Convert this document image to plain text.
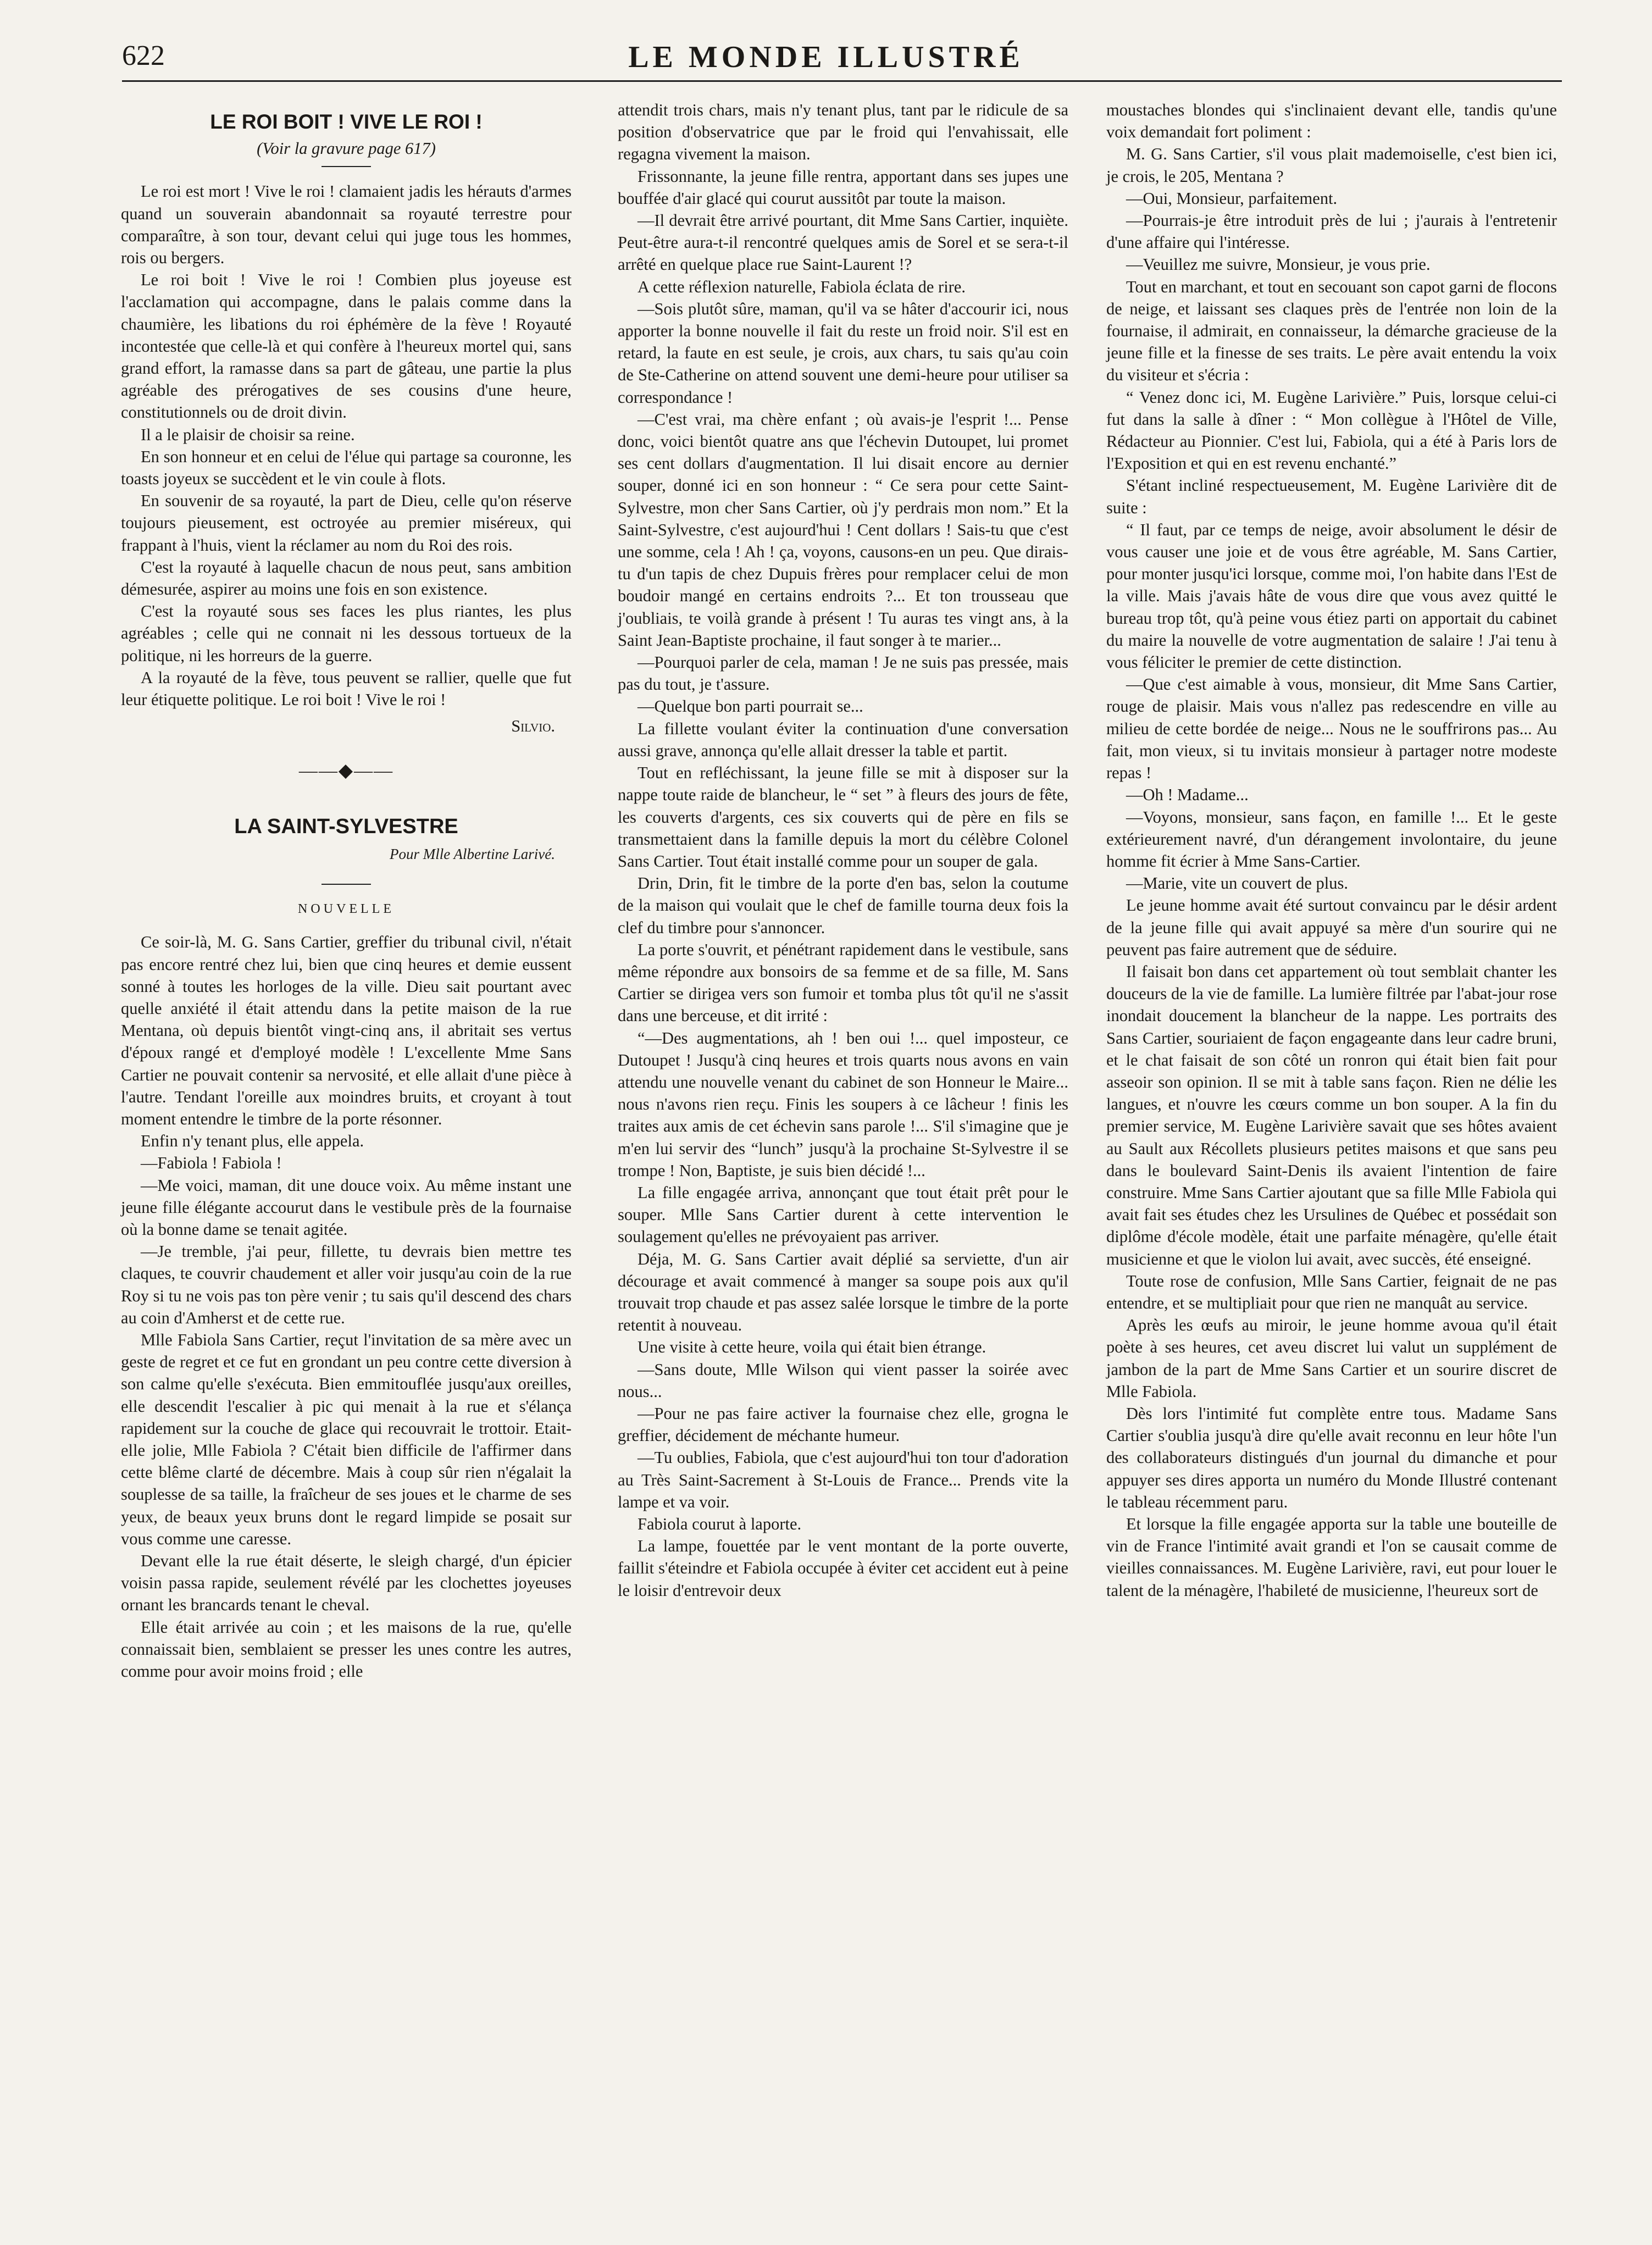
622	LE MONDE ILLUSTRÉ
LE ROI BOIT ! VIVE LE ROI !
(Voir la gravure page 617)

Le roi est mort ! Vive le roi ! clamaient jadis les hérauts d'armes quand un souverain abandonnait sa royauté terrestre pour comparaître, à son tour, devant celui qui juge tous les hommes, rois ou bergers.

Le roi boit ! Vive le roi ! Combien plus joyeuse est l'acclamation qui accompagne, dans le palais comme dans la chaumière, les libations du roi éphémère de la fève ! Royauté incontestée que celle-là et qui confère à l'heureux mortel qui, sans grand effort, la ramasse dans sa part de gâteau, une partie la plus agréable des prérogatives de ses cousins d'une heure, constitutionnels ou de droit divin.

Il a le plaisir de choisir sa reine.

En son honneur et en celui de l'élue qui partage sa couronne, les toasts joyeux se succèdent et le vin coule à flots.

En souvenir de sa royauté, la part de Dieu, celle qu'on réserve toujours pieusement, est octroyée au premier miséreux, qui frappant à l'huis, vient la réclamer au nom du Roi des rois.

C'est la royauté à laquelle chacun de nous peut, sans ambition démesurée, aspirer au moins une fois en son existence.

C'est la royauté sous ses faces les plus riantes, les plus agréables ; celle qui ne connait ni les dessous tortueux de la politique, ni les horreurs de la guerre.

A la royauté de la fève, tous peuvent se rallier, quelle que fut leur étiquette politique. Le roi boit ! Vive le roi !

Silvio.

——◆——
LA SAINT-SYLVESTRE
Pour Mlle Albertine Larivé.
NOUVELLE

Ce soir-là, M. G. Sans Cartier, greffier du tribunal civil, n'était pas encore rentré chez lui, bien que cinq heures et demie eussent sonné à toutes les horloges de la ville. Dieu sait pourtant avec quelle anxiété il était attendu dans la petite maison de la rue Mentana, où depuis bientôt vingt-cinq ans, il abritait ses vertus d'époux rangé et d'employé modèle ! L'excellente Mme Sans Cartier ne pouvait contenir sa nervosité, et elle allait d'une pièce à l'autre. Tendant l'oreille aux moindres bruits, et croyant à tout moment entendre le timbre de la porte résonner.

Enfin n'y tenant plus, elle appela.

—Fabiola ! Fabiola !

—Me voici, maman, dit une douce voix. Au même instant une jeune fille élégante accourut dans le vestibule près de la fournaise où la bonne dame se tenait agitée.

—Je tremble, j'ai peur, fillette, tu devrais bien mettre tes claques, te couvrir chaudement et aller voir jusqu'au coin de la rue Roy si tu ne vois pas ton père venir ; tu sais qu'il descend des chars au coin d'Amherst et de cette rue.

Mlle Fabiola Sans Cartier, reçut l'invitation de sa mère avec un geste de regret et ce fut en grondant un peu contre cette diversion à son calme qu'elle s'exécuta. Bien emmitouflée jusqu'aux oreilles, elle descendit l'escalier à pic qui menait à la rue et s'élança rapidement sur la couche de glace qui recouvrait le trottoir. Etait-elle jolie, Mlle Fabiola ? C'était bien difficile de l'affirmer dans cette blême clarté de décembre. Mais à coup sûr rien n'égalait la souplesse de sa taille, la fraîcheur de ses joues et le charme de ses yeux, de beaux yeux bruns dont le regard limpide se posait sur vous comme une caresse.

Devant elle la rue était déserte, le sleigh chargé, d'un épicier voisin passa rapide, seulement révélé par les clochettes joyeuses ornant les brancards tenant le cheval.

Elle était arrivée au coin ; et les maisons de la rue, qu'elle connaissait bien, semblaient se presser les unes contre les autres, comme pour avoir moins froid ; elle

attendit trois chars, mais n'y tenant plus, tant par le ridicule de sa position d'observatrice que par le froid qui l'envahissait, elle regagna vivement la maison.

Frissonnante, la jeune fille rentra, apportant dans ses jupes une bouffée d'air glacé qui courut aussitôt par toute la maison.

—Il devrait être arrivé pourtant, dit Mme Sans Cartier, inquiète. Peut-être aura-t-il rencontré quelques amis de Sorel et se sera-t-il arrêté en quelque place rue Saint-Laurent !?

A cette réflexion naturelle, Fabiola éclata de rire.

—Sois plutôt sûre, maman, qu'il va se hâter d'accourir ici, nous apporter la bonne nouvelle il fait du reste un froid noir. S'il est en retard, la faute en est seule, je crois, aux chars, tu sais qu'au coin de Ste-Catherine on attend souvent une demi-heure pour utiliser sa correspondance !

—C'est vrai, ma chère enfant ; où avais-je l'esprit !... Pense donc, voici bientôt quatre ans que l'échevin Dutoupet, lui promet ses cent dollars d'augmentation. Il lui disait encore au dernier souper, donné ici en son honneur : “ Ce sera pour cette Saint-Sylvestre, mon cher Sans Cartier, où j'y perdrais mon nom.” Et la Saint-Sylvestre, c'est aujourd'hui ! Cent dollars ! Sais-tu que c'est une somme, cela ! Ah ! ça, voyons, causons-en un peu. Que dirais-tu d'un tapis de chez Dupuis frères pour remplacer celui de mon boudoir mangé en certains endroits ?... Et ton trousseau que j'oubliais, te voilà grande à présent ! Tu auras tes vingt ans, à la Saint Jean-Baptiste prochaine, il faut songer à te marier...

—Pourquoi parler de cela, maman ! Je ne suis pas pressée, mais pas du tout, je t'assure.

—Quelque bon parti pourrait se...

La fillette voulant éviter la continuation d'une conversation aussi grave, annonça qu'elle allait dresser la table et partit.

Tout en refléchissant, la jeune fille se mit à disposer sur la nappe toute raide de blancheur, le “ set ” à fleurs des jours de fête, les couverts d'argents, ces six couverts qui de père en fils se transmettaient dans la famille depuis la mort du célèbre Colonel Sans Cartier. Tout était installé comme pour un souper de gala.

Drin, Drin, fit le timbre de la porte d'en bas, selon la coutume de la maison qui voulait que le chef de famille tourna deux fois la clef du timbre pour s'annoncer.

La porte s'ouvrit, et pénétrant rapidement dans le vestibule, sans même répondre aux bonsoirs de sa femme et de sa fille, M. Sans Cartier se dirigea vers son fumoir et tomba plus tôt qu'il ne s'assit dans une berceuse, et dit irrité :

“—Des augmentations, ah ! ben oui !... quel imposteur, ce Dutoupet ! Jusqu'à cinq heures et trois quarts nous avons en vain attendu une nouvelle venant du cabinet de son Honneur le Maire... nous n'avons rien reçu. Finis les soupers à ce lâcheur ! finis les traites aux amis de cet échevin sans parole !... S'il s'imagine que je m'en lui servir des “lunch” jusqu'à la prochaine St-Sylvestre il se trompe ! Non, Baptiste, je suis bien décidé !...

La fille engagée arriva, annonçant que tout était prêt pour le souper. Mlle Sans Cartier durent à cette intervention le soulagement qu'elles ne prévoyaient pas arriver.

Déja, M. G. Sans Cartier avait déplié sa serviette, d'un air décourage et avait commencé à manger sa soupe pois aux qu'il trouvait trop chaude et pas assez salée lorsque le timbre de la porte retentit à nouveau.

Une visite à cette heure, voila qui était bien étrange.

—Sans doute, Mlle Wilson qui vient passer la soirée avec nous...

—Pour ne pas faire activer la fournaise chez elle, grogna le greffier, décidement de méchante humeur.

—Tu oublies, Fabiola, que c'est aujourd'hui ton tour d'adoration au Très Saint-Sacrement à St-Louis de France... Prends vite la lampe et va voir.

Fabiola courut à laporte.

La lampe, fouettée par le vent montant de la porte ouverte, faillit s'éteindre et Fabiola occupée à éviter cet accident eut à peine le loisir d'entrevoir deux

moustaches blondes qui s'inclinaient devant elle, tandis qu'une voix demandait fort poliment :

M. G. Sans Cartier, s'il vous plait mademoiselle, c'est bien ici, je crois, le 205, Mentana ?

—Oui, Monsieur, parfaitement.

—Pourrais-je être introduit près de lui ; j'aurais à l'entretenir d'une affaire qui l'intéresse.

—Veuillez me suivre, Monsieur, je vous prie.

Tout en marchant, et tout en secouant son capot garni de flocons de neige, et laissant ses claques près de l'entrée non loin de la fournaise, il admirait, en connaisseur, la démarche gracieuse de la jeune fille et la finesse de ses traits. Le père avait entendu la voix du visiteur et s'écria :

“ Venez donc ici, M. Eugène Larivière.” Puis, lorsque celui-ci fut dans la salle à dîner : “ Mon collègue à l'Hôtel de Ville, Rédacteur au Pionnier. C'est lui, Fabiola, qui a été à Paris lors de l'Exposition et qui en est revenu enchanté.”

S'étant incliné respectueusement, M. Eugène Larivière dit de suite :

“ Il faut, par ce temps de neige, avoir absolument le désir de vous causer une joie et de vous être agréable, M. Sans Cartier, pour monter jusqu'ici lorsque, comme moi, l'on habite dans l'Est de la ville. Mais j'avais hâte de vous dire que vous avez quitté le bureau trop tôt, qu'à peine vous étiez parti on apportait du cabinet du maire la nouvelle de votre augmentation de salaire ! J'ai tenu à vous féliciter le premier de cette distinction.

—Que c'est aimable à vous, monsieur, dit Mme Sans Cartier, rouge de plaisir. Mais vous n'allez pas redescendre en ville au milieu de cette bordée de neige... Nous ne le souffrirons pas... Au fait, mon vieux, si tu invitais monsieur à partager notre modeste repas !

—Oh ! Madame...

—Voyons, monsieur, sans façon, en famille !... Et le geste extérieurement navré, d'un dérangement involontaire, du jeune homme fit écrier à Mme Sans-Cartier.

—Marie, vite un couvert de plus.

Le jeune homme avait été surtout convaincu par le désir ardent de la jeune fille qui avait appuyé sa mère d'un sourire qui ne peuvent pas faire autrement que de séduire.

Il faisait bon dans cet appartement où tout semblait chanter les douceurs de la vie de famille. La lumière filtrée par l'abat-jour rose inondait doucement la blancheur de la nappe. Les portraits des Sans Cartier, souriaient de façon engageante dans leur cadre bruni, et le chat faisait de son côté un ronron qui était bien fait pour asseoir son opinion. Il se mit à table sans façon. Rien ne délie les langues, et n'ouvre les cœurs comme un bon souper. A la fin du premier service, M. Eugène Larivière savait que ses hôtes avaient au Sault aux Récollets plusieurs petites maisons et que sans peu dans le boulevard Saint-Denis ils avaient l'intention de faire construire. Mme Sans Cartier ajoutant que sa fille Mlle Fabiola qui avait fait ses études chez les Ursulines de Québec et possédait son diplôme d'école modèle, était une parfaite ménagère, qu'elle était musicienne et que le violon lui avait, avec succès, été enseigné.

Toute rose de confusion, Mlle Sans Cartier, feignait de ne pas entendre, et se multipliait pour que rien ne manquât au service.

Après les œufs au miroir, le jeune homme avoua qu'il était poète à ses heures, cet aveu discret lui valut un supplément de jambon de la part de Mme Sans Cartier et un sourire discret de Mlle Fabiola.

Dès lors l'intimité fut complète entre tous. Madame Sans Cartier s'oublia jusqu'à dire qu'elle avait reconnu en leur hôte l'un des collaborateurs distingués d'un journal du dimanche et pour appuyer ses dires apporta un numéro du Monde Illustré contenant le tableau récemment paru.

Et lorsque la fille engagée apporta sur la table une bouteille de vin de France l'intimité avait grandi et l'on se causait comme de vieilles connaissances. M. Eugène Larivière, ravi, eut pour louer le talent de la ménagère, l'habileté de musicienne, l'heureux sort de
